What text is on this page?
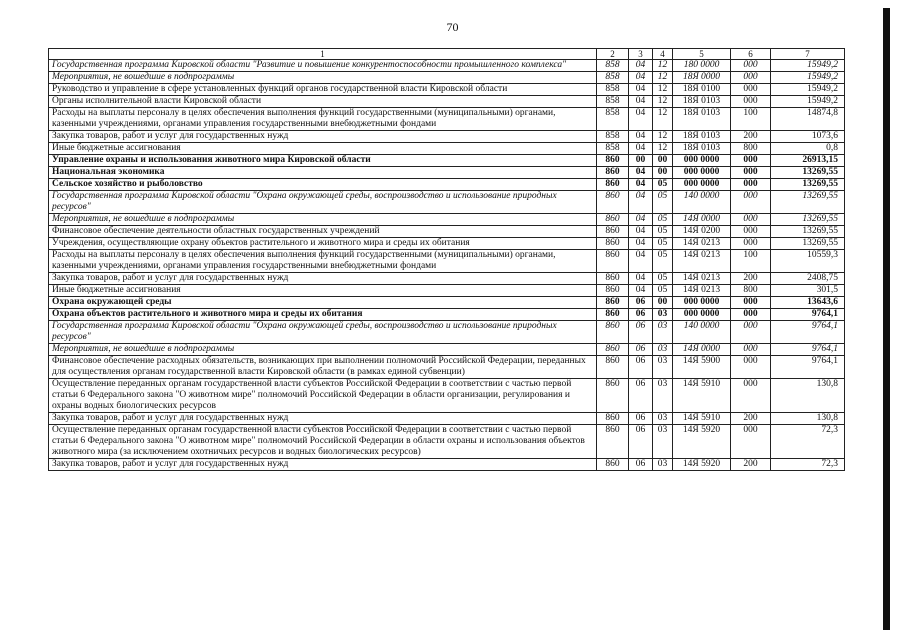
70
1	2	3	4	5	6	7
Государственная программа Кировской области "Развитие и повышение конкурентоспособности промышленного комплекса"	858	04	12	180 0000	000	15949,2
Мероприятия, не вошедшие в подпрограммы	858	04	12	18Я 0000	000	15949,2
Руководство и управление в сфере установленных функций органов государственной власти Кировской области	858	04	12	18Я 0100	000	15949,2
Органы исполнительной власти Кировской области	858	04	12	18Я 0103	000	15949,2
Расходы на выплаты персоналу в целях обеспечения выполнения функций государственными (муниципальными) органами, казенными учреждениями, органами управления государственными внебюджетными фондами	858	04	12	18Я 0103	100	14874,8
Закупка товаров, работ и услуг для государственных нужд	858	04	12	18Я 0103	200	1073,6
Иные бюджетные ассигнования	858	04	12	18Я 0103	800	0,8
Управление охраны и использования животного мира Кировской области	860	00	00	000 0000	000	26913,15
Национальная экономика	860	04	00	000 0000	000	13269,55
Сельское хозяйство и рыболовство	860	04	05	000 0000	000	13269,55
Государственная программа Кировской области "Охрана окружающей среды, воспроизводство и использование природных ресурсов"	860	04	05	140 0000	000	13269,55
Мероприятия, не вошедшие в подпрограммы	860	04	05	14Я 0000	000	13269,55
Финансовое обеспечение деятельности областных государственных учреждений	860	04	05	14Я 0200	000	13269,55
Учреждения, осуществляющие охрану объектов растительного и животного мира и среды их обитания	860	04	05	14Я 0213	000	13269,55
Расходы на выплаты персоналу в целях обеспечения выполнения функций государственными (муниципальными) органами, казенными учреждениями, органами управления государственными внебюджетными фондами	860	04	05	14Я 0213	100	10559,3
Закупка товаров, работ и услуг для государственных нужд	860	04	05	14Я 0213	200	2408,75
Иные бюджетные ассигнования	860	04	05	14Я 0213	800	301,5
Охрана окружающей среды	860	06	00	000 0000	000	13643,6
Охрана объектов растительного и животного мира и среды их обитания	860	06	03	000 0000	000	9764,1
Государственная программа Кировской области "Охрана окружающей среды, воспроизводство и использование природных ресурсов"	860	06	03	140 0000	000	9764,1
Мероприятия, не вошедшие в подпрограммы	860	06	03	14Я 0000	000	9764,1
Финансовое обеспечение расходных обязательств, возникающих при выполнении полномочий Российской Федерации, переданных для осуществления органам государственной власти Кировской области (в рамках единой субвенции)	860	06	03	14Я 5900	000	9764,1
Осуществление переданных органам государственной власти субъектов Российской Федерации в соответствии с частью первой статьи 6 Федерального закона "О животном мире" полномочий Российской Федерации в области организации, регулирования и охраны водных биологических ресурсов	860	06	03	14Я 5910	000	130,8
Закупка товаров, работ и услуг для государственных нужд	860	06	03	14Я 5910	200	130,8
Осуществление переданных органам государственной власти субъектов Российской Федерации в соответствии с частью первой статьи 6 Федерального закона "О животном мире" полномочий Российской Федерации в области охраны и использования объектов животного мира (за исключением охотничьих ресурсов и водных биологических ресурсов)	860	06	03	14Я 5920	000	72,3
Закупка товаров, работ и услуг для государственных нужд	860	06	03	14Я 5920	200	72,3
